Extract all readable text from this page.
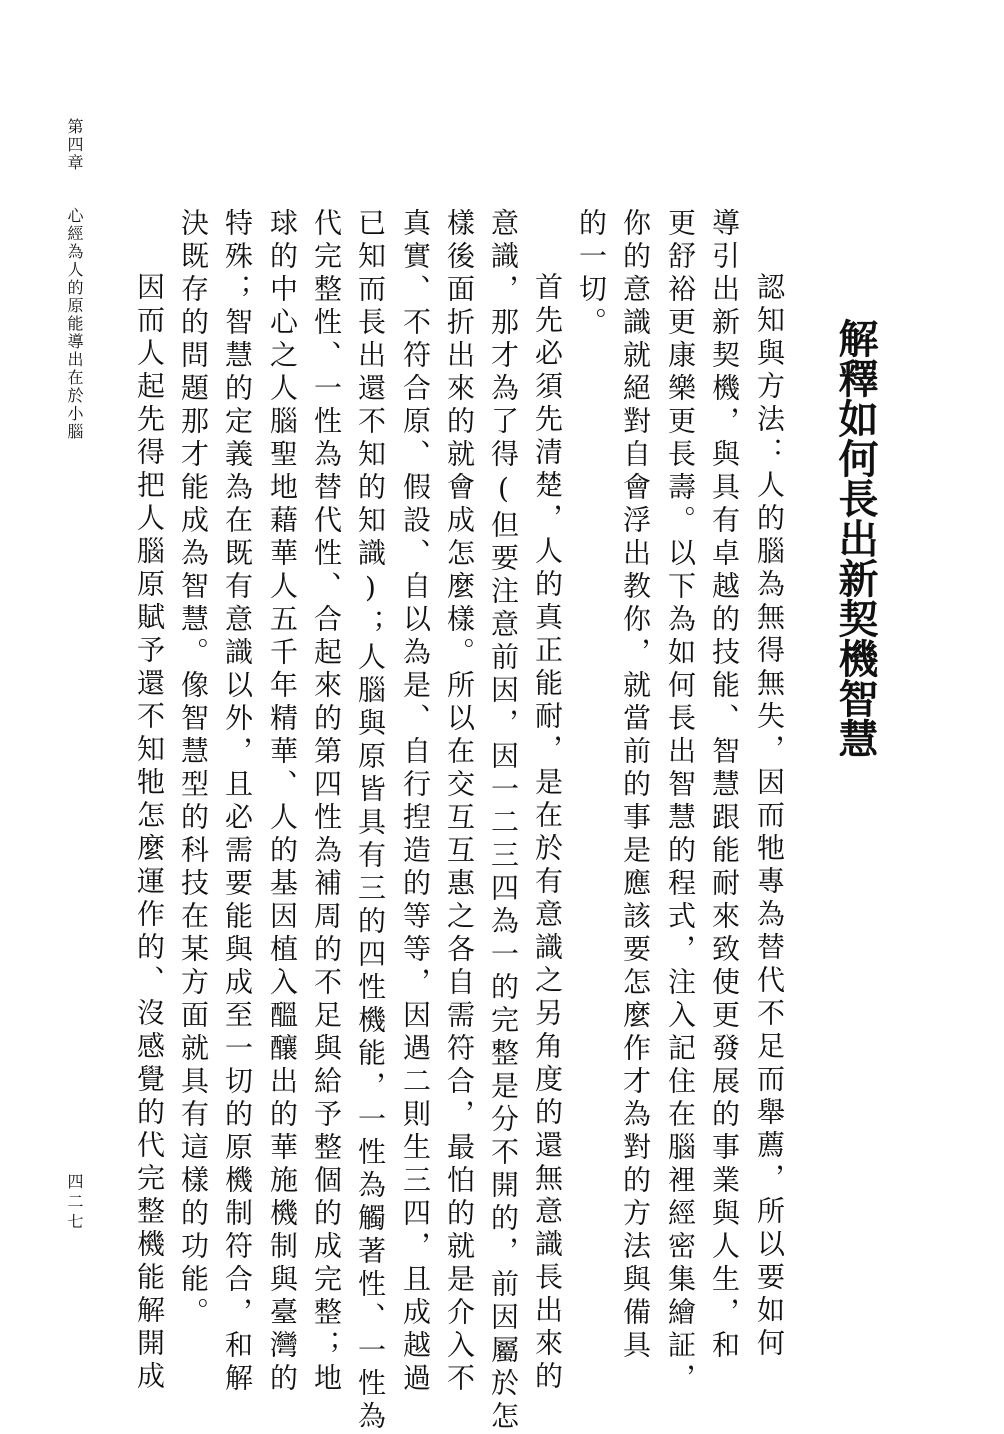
解釋如何長出新契機智慧
認知與方法：人的腦為無得無失，因而牠專為替代不足而舉薦，所以要如何
導引出新契機，與具有卓越的技能、智慧跟能耐來致使更發展的事業與人生，和
更舒裕更康樂更長壽。以下為如何長出智慧的程式，注入記住在腦裡經密集繪証，
你的意識就絕對自會浮出教你，就當前的事是應該要怎麼作才為對的方法與備具
的一切。
首先必須先清楚，人的真正能耐，是在於有意識之另角度的還無意識長出來的
意識，那才為了得(但要注意前因，因一二三四為一的完整是分不開的，前因屬於怎
樣後面折出來的就會成怎麼樣。所以在交互互惠之各自需符合，最怕的就是介入不
真實、不符合原、假設、自以為是、自行揑造的等等，因遇二則生三四，且成越過
已知而長出還不知的知識)；人腦與原皆具有三的四性機能，一性為觸著性、一性為
代完整性、一性為替代性、合起來的第四性為補周的不足與給予整個的成完整；地
球的中心之人腦聖地藉華人五千年精華、人的基因植入醞釀出的華施機制與臺灣的
特殊；智慧的定義為在既有意識以外，且必需要能與成至一切的原機制符合，和解
決既存的問題那才能成為智慧。像智慧型的科技在某方面就具有這樣的功能。
因而人起先得把人腦原賦予還不知牠怎麼運作的、沒感覺的代完整機能解開成
第四章
心經為人的原能導出在於小腦
四二七
